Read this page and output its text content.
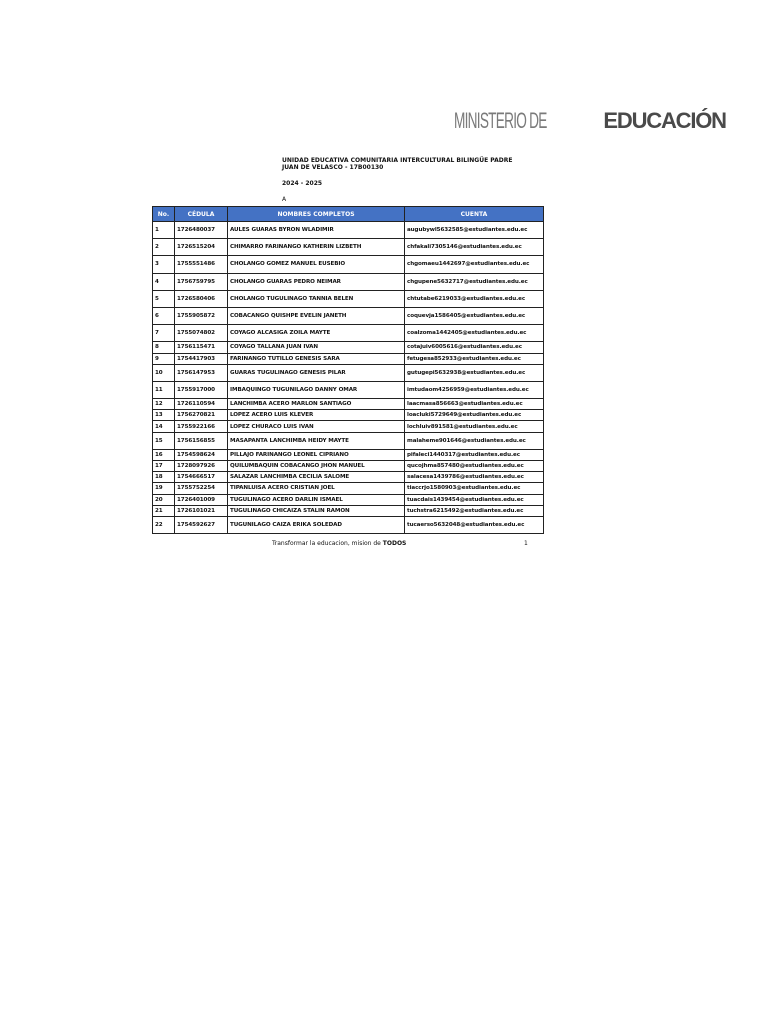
MINISTERIO DE	EDUCACIÓN
UNIDAD EDUCATIVA COMUNITARIA INTERCULTURAL BILINGÜE PADRE
JUAN DE VELASCO - 17B00130
2024 - 2025
A
No.	CÉDULA	NOMBRES COMPLETOS	CUENTA
1	1726480037	AULES GUARAS BYRON WLADIMIR	augubywl5632585@estudiantes.edu.ec
2	1726515204	CHIMARRO FARINANGO KATHERIN LIZBETH	chfakali7305146@estudiantes.edu.ec
3	1755551486	CHOLANGO GOMEZ MANUEL EUSEBIO	chgomaeu1442697@estudiantes.edu.ec
4	1756759795	CHOLANGO GUARAS PEDRO NEIMAR	chgupene5632717@estudiantes.edu.ec
5	1726580406	CHOLANGO TUGULINAGO TANNIA BELEN	chtutabe6219033@estudiantes.edu.ec
6	1755905872	COBACANGO QUISHPE EVELIN JANETH	coquevja1586405@estudiantes.edu.ec
7	1755074802	COYAGO ALCASIGA ZOILA MAYTE	coalzoma1442405@estudiantes.edu.ec
8	1756115471	COYAGO TALLANA JUAN IVAN	cotajuiv6005616@estudiantes.edu.ec
9	1754417903	FARINANGO TUTILLO GENESIS SARA	fetugesa852933@estudiantes.edu.ec
10	1756147953	GUARAS TUGULINAGO GENESIS PILAR	gutugepi5632938@estudiantes.edu.ec
11	1755917000	IMBAQUINGO TUGUNILAGO DANNY OMAR	imtudaom4256959@estudiantes.edu.ec
12	1726110594	LANCHIMBA ACERO MARLON SANTIAGO	laacmasa856663@estudiantes.edu.ec
13	1756270821	LOPEZ ACERO LUIS KLEVER	loacluki5729649@estudiantes.edu.ec
14	1755922166	LOPEZ CHURACO LUIS IVAN	lochluiv891581@estudiantes.edu.ec
15	1756156855	MASAPANTA LANCHIMBA HEIDY MAYTE	malaheme901646@estudiantes.edu.ec
16	1754598624	PILLAJO FARINANGO LEONEL CIPRIANO	pifaleci1440317@estudiantes.edu.ec
17	1728097926	QUILUMBAQUIN COBACANGO JHON MANUEL	qucojhma857480@estudiantes.edu.ec
18	1754666517	SALAZAR LANCHIMBA CECILIA SALOME	salacesa1439786@estudiantes.edu.ec
19	1755752254	TIPANLUISA ACERO CRISTIAN JOEL	tiaccrjo1580903@estudiantes.edu.ec
20	1726401009	TUGULINAGO ACERO DARLIN ISMAEL	tuacdais1439454@estudiantes.edu.ec
21	1726101021	TUGULINAGO CHICAIZA STALIN RAMON	tuchstra6215492@estudiantes.edu.ec
22	1754592627	TUGUNILAGO CAIZA ERIKA SOLEDAD	tucaerso5632048@estudiantes.edu.ec
Transformar la educacion, mision de TODOS	1
